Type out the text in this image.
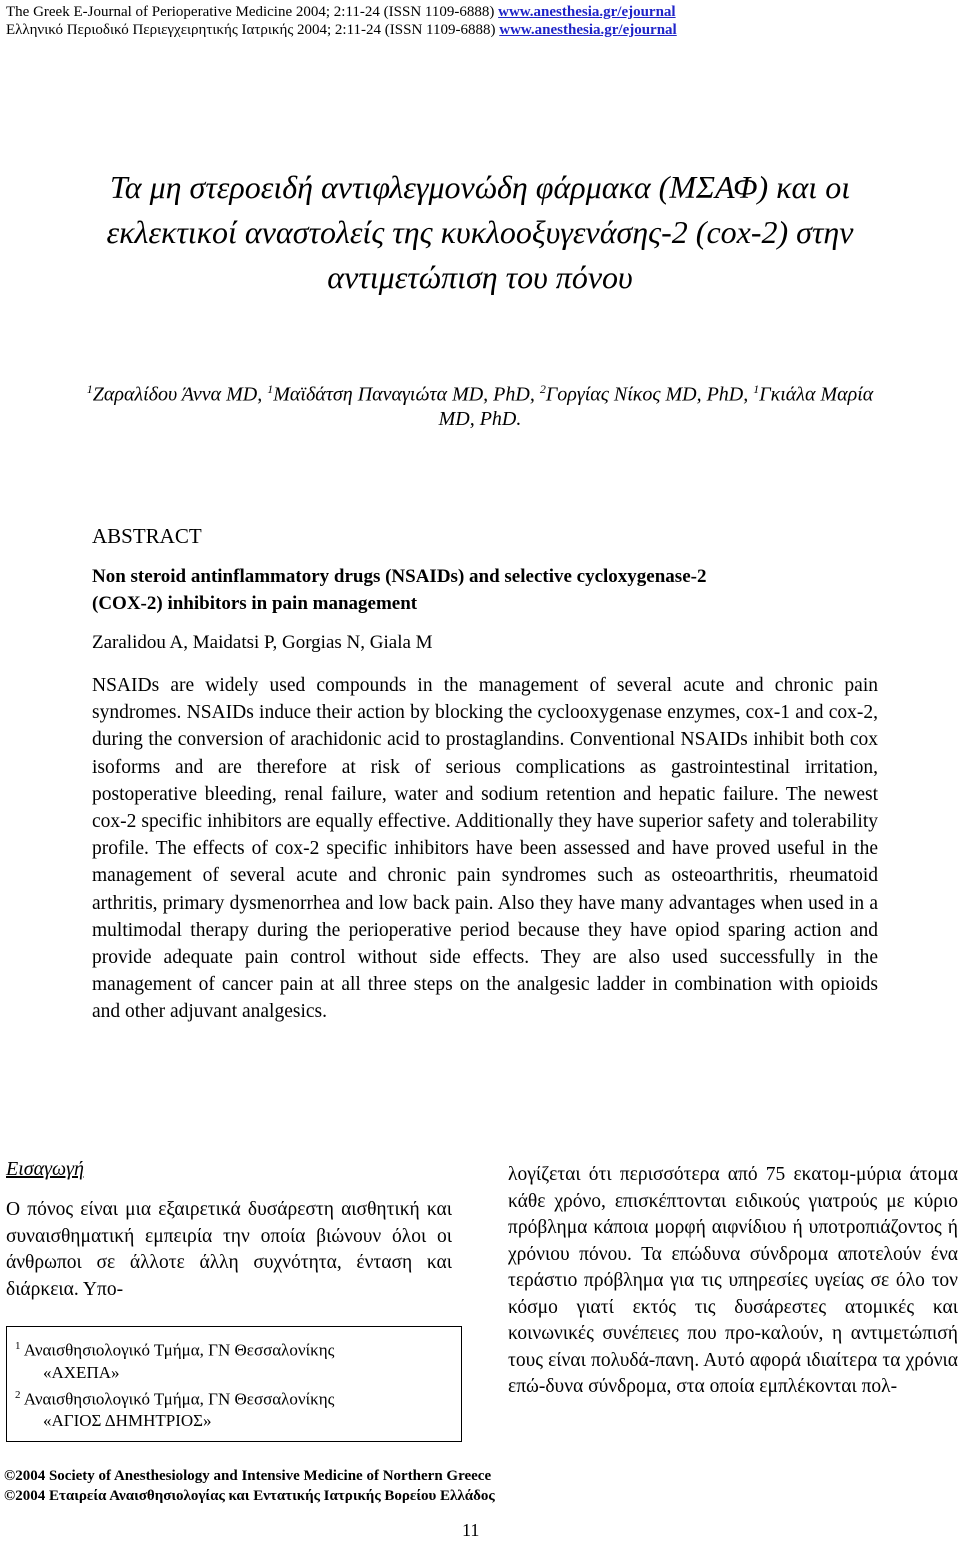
The Greek E-Journal of Perioperative Medicine 2004; 2:11-24 (ISSN 1109-6888) www.anesthesia.gr/ejournal
Ελληνικό Περιοδικό Περιεγχειρητικής Ιατρικής 2004; 2:11-24 (ISSN 1109-6888) www.anesthesia.gr/ejournal
Τα μη στεροειδή αντιφλεγμονώδη φάρμακα (ΜΣΑΦ) και οι
εκλεκτικοί αναστολείς της κυκλοοξυγενάσης-2 (cox-2) στην
αντιμετώπιση του πόνου
$^1$Ζαραλίδου Άννα MD, $^1$Μαϊδάτση Παναγιώτα MD, PhD, $^2$Γοργίας Νίκος MD, PhD, $^1$Γκιάλα Μαρία
MD, PhD.
ABSTRACT
Non steroid antinflammatory drugs (NSAIDs) and selective cycloxygenase-2
(COX-2) inhibitors in pain management
Zaralidou A, Maidatsi P, Gorgias N, Giala M
NSAIDs are widely used compounds in the management of several acute and chronic pain syndromes. NSAIDs induce their action by blocking the cyclooxygenase enzymes, cox-1 and cox-2, during the conversion of arachidonic acid to prostaglandins. Conventional NSAIDs inhibit both cox isoforms and are therefore at risk of serious complications as gastrointestinal irritation, postoperative bleeding, renal failure, water and sodium retention and hepatic failure. The newest cox-2 specific inhibitors are equally effective. Additionally they have superior safety and tolerability profile. The effects of cox-2 specific inhibitors have been assessed and have proved useful in the management of several acute and chronic pain syndromes such as osteoarthritis, rheumatoid arthritis, primary dysmenorrhea and low back pain. Also they have many advantages when used in a multimodal therapy during the perioperative period because they have opiod sparing action and provide adequate pain control without side effects. They are also used successfully in the management of cancer pain at all three steps on the analgesic ladder in combination with opioids and other adjuvant analgesics.
Εισαγωγή
Ο πόνος είναι μια εξαιρετικά δυσάρεστη αισθητική και συναισθηματική εμπειρία την οποία βιώνουν όλοι οι άνθρωποι σε άλλοτε άλλη συχνότητα, ένταση και διάρκεια. Υπο-
λογίζεται ότι περισσότερα από 75 εκατομ-μύρια άτομα κάθε χρόνο, επισκέπτονται ειδικούς γιατρούς με κύριο πρόβλημα κάποια μορφή αιφνίδιου ή υποτροπιάζοντος ή χρόνιου πόνου. Τα επώδυνα σύνδρομα αποτελούν ένα τεράστιο πρόβλημα για τις υπηρεσίες υγείας σε όλο τον κόσμο γιατί εκτός τις δυσάρεστες ατομικές και κοινωνικές συνέπειες που προ-καλούν, η αντιμετώπισή τους είναι πολυδά-πανη. Αυτό αφορά ιδιαίτερα τα χρόνια επώ-δυνα σύνδρομα, στα οποία εμπλέκονται πολ-
$^1$ Αναισθησιολογικό Τμήμα, ΓΝ Θεσσαλονίκης
«ΑΧΕΠΑ»
$^2$ Αναισθησιολογικό Τμήμα, ΓΝ Θεσσαλονίκης
«ΑΓΙΟΣ ΔΗΜΗΤΡΙΟΣ»
©2004 Society of Anesthesiology and Intensive Medicine of Northern Greece
©2004 Εταιρεία Αναισθησιολογίας και Εντατικής Ιατρικής Βορείου Ελλάδος
11
